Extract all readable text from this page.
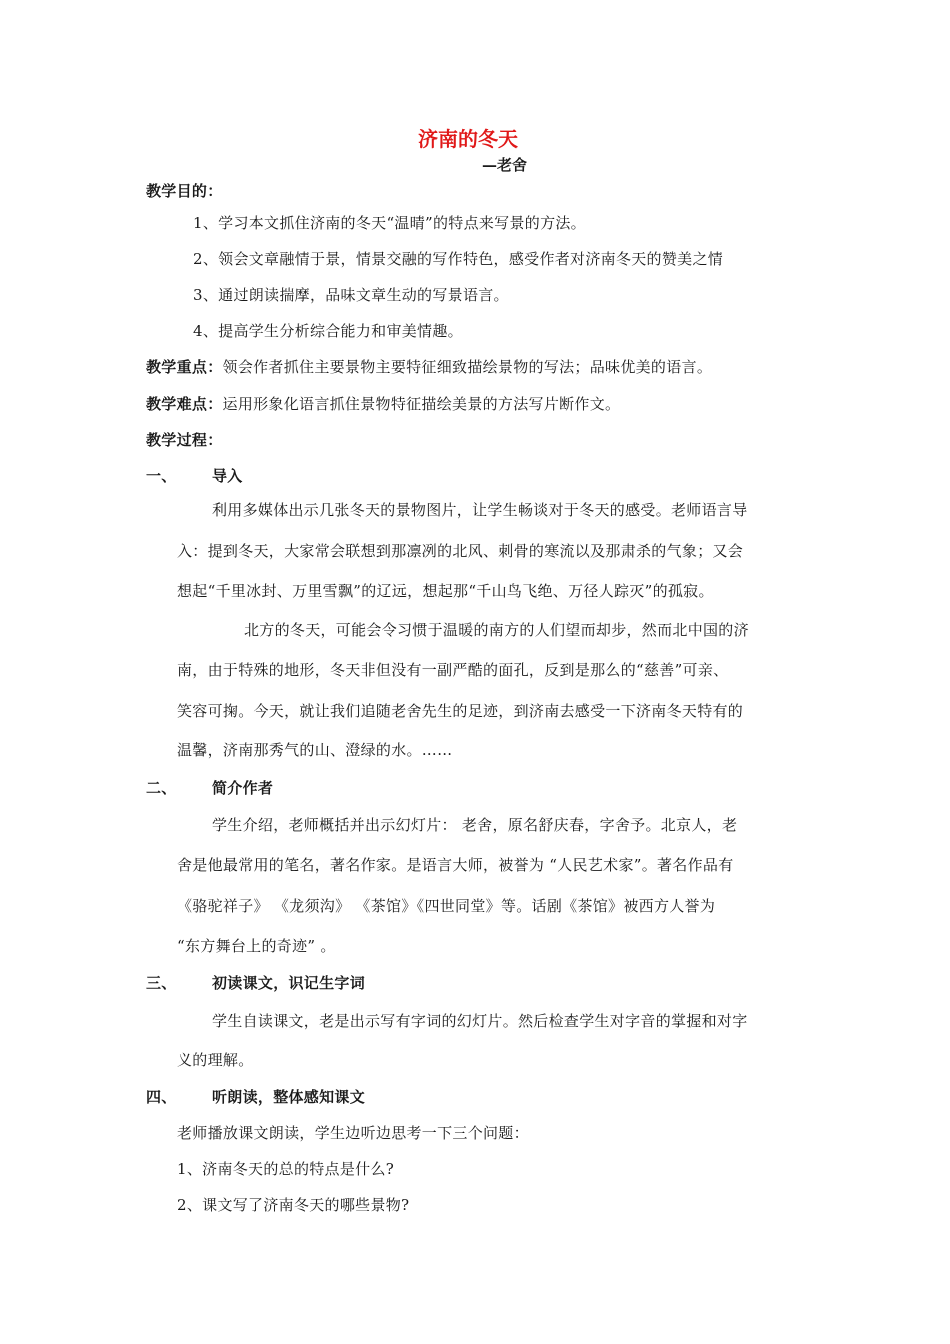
济南的冬天
—老舍
教学目的：
1、学习本文抓住济南的冬天“温晴”的特点来写景的方法。
2、领会文章融情于景，情景交融的写作特色，感受作者对济南冬天的赞美之情
3、通过朗读揣摩，品味文章生动的写景语言。
4、提高学生分析综合能力和审美情趣。
教学重点：领会作者抓住主要景物主要特征细致描绘景物的写法；品味优美的语言。
教学难点：运用形象化语言抓住景物特征描绘美景的方法写片断作文。
教学过程：
一、 导入
利用多媒体出示几张冬天的景物图片，让学生畅谈对于冬天的感受。老师语言导
入：提到冬天，大家常会联想到那凛冽的北风、刺骨的寒流以及那肃杀的气象；又会
想起“千里冰封、万里雪飘”的辽远，想起那“千山鸟飞绝、万径人踪灭”的孤寂。
北方的冬天，可能会令习惯于温暖的南方的人们望而却步，然而北中国的济
南，由于特殊的地形，冬天非但没有一副严酷的面孔，反到是那么的“慈善”可亲、
笑容可掬。今天，就让我们追随老舍先生的足迹，到济南去感受一下济南冬天特有的
温馨，济南那秀气的山、澄绿的水。……
二、 简介作者
学生介绍，老师概括并出示幻灯片： 老舍，原名舒庆春，字舍予。北京人，老
舍是他最常用的笔名，著名作家。是语言大师，被誉为 “人民艺术家”。著名作品有
《骆驼祥子》 《龙须沟》 《茶馆》《四世同堂》等。话剧《茶馆》被西方人誉为
“东方舞台上的奇迹” 。
三、 初读课文，识记生字词
学生自读课文，老是出示写有字词的幻灯片。然后检查学生对字音的掌握和对字
义的理解。
四、 听朗读，整体感知课文
老师播放课文朗读，学生边听边思考一下三个问题：
1、济南冬天的总的特点是什么?
2、课文写了济南冬天的哪些景物?
